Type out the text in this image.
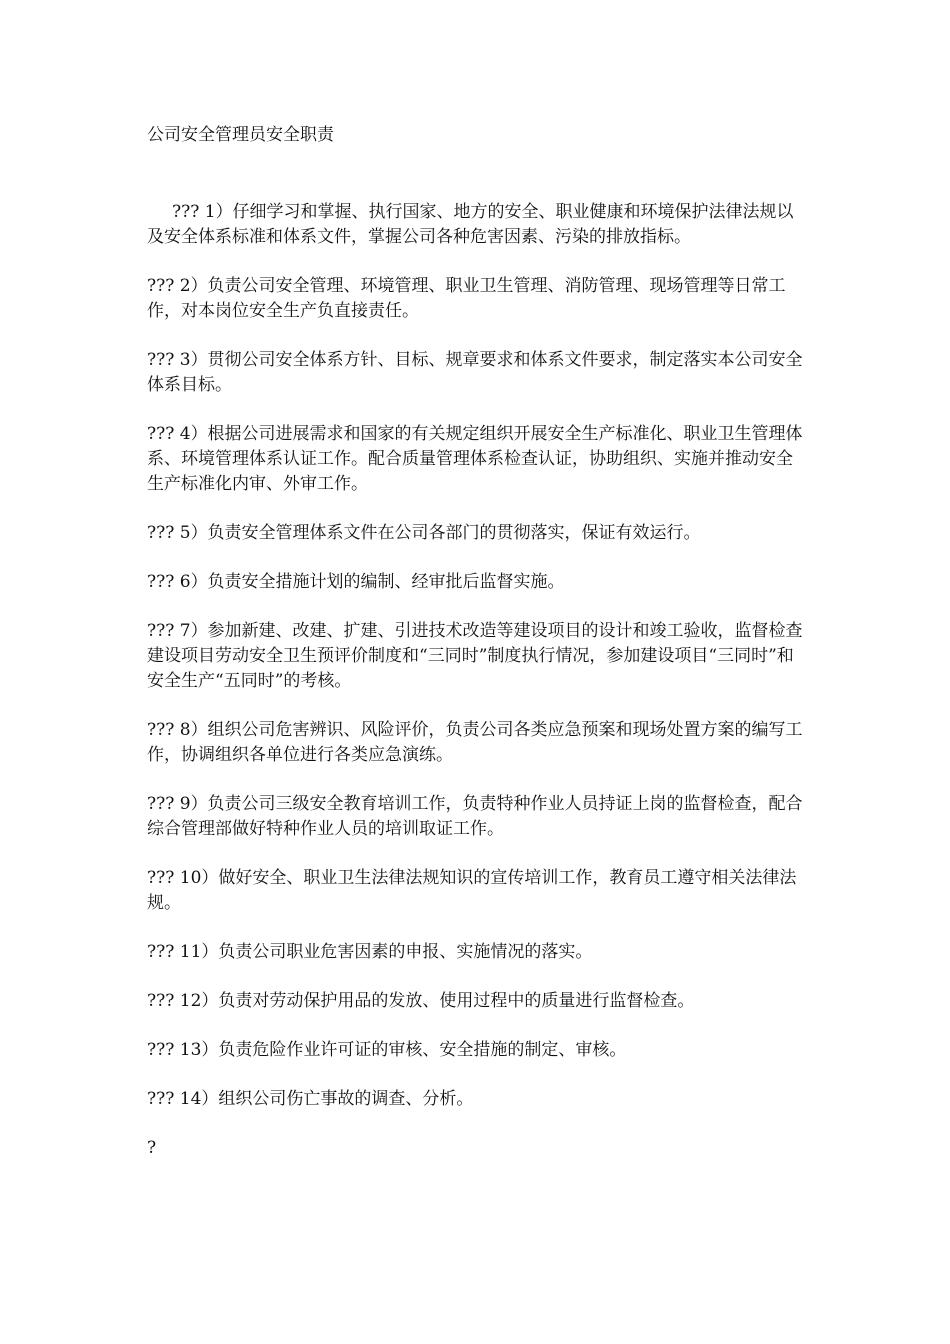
公司安全管理员安全职责

??? 1）仔细学习和掌握、执行国家、地方的安全、职业健康和环境保护法律法规以及安全体系标准和体系文件，掌握公司各种危害因素、污染的排放指标。

??? 2）负责公司安全管理、环境管理、职业卫生管理、消防管理、现场管理等日常工作，对本岗位安全生产负直接责任。

??? 3）贯彻公司安全体系方针、目标、规章要求和体系文件要求，制定落实本公司安全体系目标。

??? 4）根据公司进展需求和国家的有关规定组织开展安全生产标准化、职业卫生管理体系、环境管理体系认证工作。配合质量管理体系检查认证，协助组织、实施并推动安全生产标准化内审、外审工作。

??? 5）负责安全管理体系文件在公司各部门的贯彻落实，保证有效运行。

??? 6）负责安全措施计划的编制、经审批后监督实施。

??? 7）参加新建、改建、扩建、引进技术改造等建设项目的设计和竣工验收，监督检查建设项目劳动安全卫生预评价制度和“三同时”制度执行情况，参加建设项目“三同时”和安全生产“五同时”的考核。

??? 8）组织公司危害辨识、风险评价，负责公司各类应急预案和现场处置方案的编写工作，协调组织各单位进行各类应急演练。

??? 9）负责公司三级安全教育培训工作，负责特种作业人员持证上岗的监督检查，配合综合管理部做好特种作业人员的培训取证工作。

??? 10）做好安全、职业卫生法律法规知识的宣传培训工作，教育员工遵守相关法律法规。

??? 11）负责公司职业危害因素的申报、实施情况的落实。

??? 12）负责对劳动保护用品的发放、使用过程中的质量进行监督检查。

??? 13）负责危险作业许可证的审核、安全措施的制定、审核。

??? 14）组织公司伤亡事故的调查、分析。

?
